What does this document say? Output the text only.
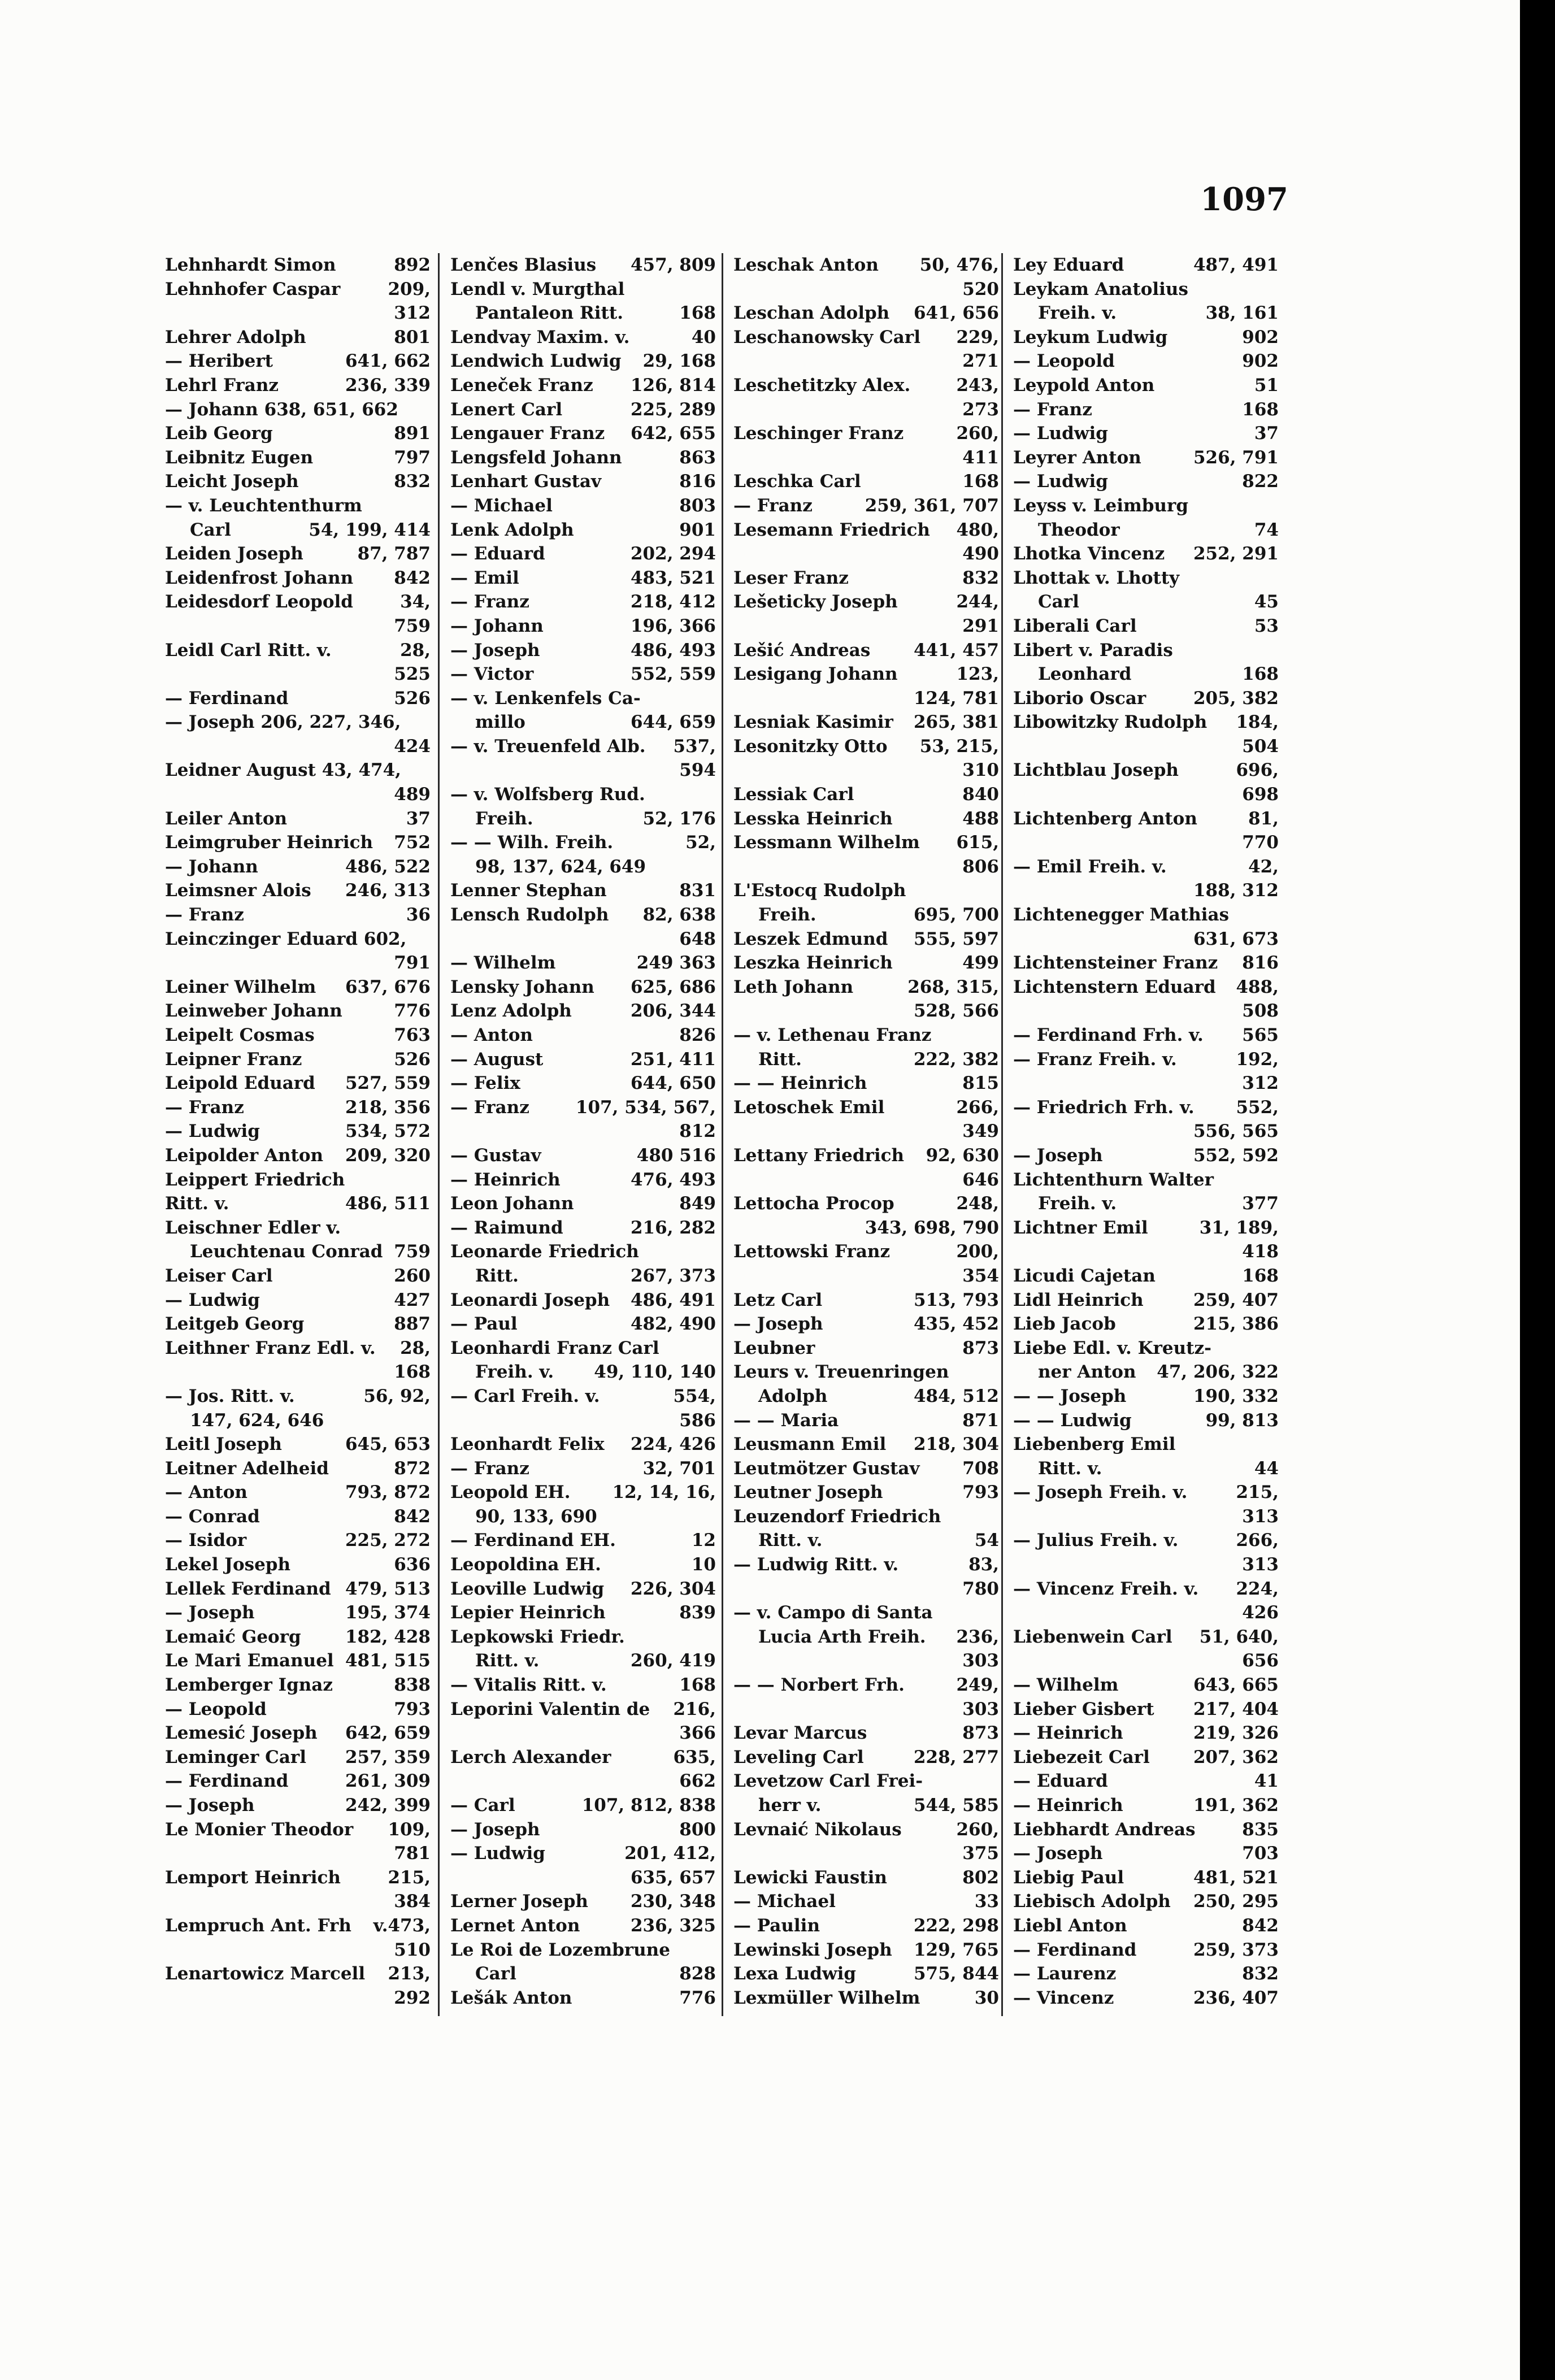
1097
Lehnhardt Simon	892
Lehnhofer Caspar	209,
312
Lehrer Adolph	801
— Heribert	641, 662
Lehrl Franz	236, 339
— Johann 638, 651, 662
Leib Georg	891
Leibnitz Eugen	797
Leicht Joseph	832
— v. Leuchtenthurm
Carl	54, 199, 414
Leiden Joseph	87, 787
Leidenfrost Johann 842
Leidesdorf Leopold	34,
759
Leidl Carl Ritt. v.	28,
525
— Ferdinand	526
— Joseph 206, 227, 346,
424
Leidner August 43, 474,
489
Leiler Anton	37
Leimgruber Heinrich 752
— Johann	486, 522
Leimsner Alois 246, 313
— Franz	36
Leinczinger Eduard 602,
791
Leiner Wilhelm 637, 676
Leinweber Johann	776
Leipelt Cosmas	763
Leipner Franz	526
Leipold Eduard 527, 559
— Franz	218, 356
— Ludwig	534, 572
Leipolder Anton 209, 320
Leippert Friedrich
Ritt. v.	486, 511
Leischner Edler v.
Leuchtenau Conrad 759
Leiser Carl	260
— Ludwig	427
Leitgeb Georg	887
Leithner Franz Edl. v. 28,
168
— Jos. Ritt. v.	56, 92,
147, 624, 646
Leitl Joseph	645, 653
Leitner Adelheid	872
— Anton	793, 872
— Conrad	842
— Isidor	225, 272
Lekel Joseph	636
Lellek Ferdinand 479, 513
— Joseph	195, 374
Lemaić Georg	182, 428
Le Mari Emanuel 481, 515
Lemberger Ignaz	838
— Leopold	793
Lemesić Joseph 642, 659
Leminger Carl 257, 359
— Ferdinand	261, 309
— Joseph	242, 399
Le Monier Theodor 109,
781
Lemport Heinrich	215,
384
Lempruch Ant. Frh v.473,
510
Lenartowicz Marcell 213,
292
Lenčes Blasius 457, 809
Lendl v. Murgthal
Pantaleon Ritt.	168
Lendvay Maxim. v.	40
Lendwich Ludwig 29, 168
Leneček Franz 126, 814
Lenert Carl	225, 289
Lengauer Franz 642, 655
Lengsfeld Johann	863
Lenhart Gustav	816
— Michael	803
Lenk Adolph	901
— Eduard	202, 294
— Emil	483, 521
— Franz	218, 412
— Johann	196, 366
— Joseph	486, 493
— Victor	552, 559
— v. Lenkenfels Ca-
millo	644, 659
— v. Treuenfeld Alb. 537,
594
— v. Wolfsberg Rud.
Freih.	52, 176
— — Wilh. Freih.	52,
98, 137, 624, 649
Lenner Stephan	831
Lensch Rudolph 82, 638
648
— Wilhelm	249 363
Lensky Johann 625, 686
Lenz Adolph	206, 344
— Anton	826
— August	251, 411
— Felix	644, 650
— Franz	107, 534, 567,
812
— Gustav	480 516
— Heinrich	476, 493
Leon Johann	849
— Raimund	216, 282
Leonarde Friedrich
Ritt.	267, 373
Leonardi Joseph 486, 491
— Paul	482, 490
Leonhardi Franz Carl
Freih. v. 49, 110, 140
— Carl Freih. v.	554,
586
Leonhardt Felix 224, 426
— Franz	32, 701
Leopold EH. 12, 14, 16,
90, 133, 690
— Ferdinand EH.	12
Leopoldina EH.	10
Leoville Ludwig 226, 304
Lepier Heinrich	839
Lepkowski Friedr.
Ritt. v.	260, 419
— Vitalis Ritt. v.	168
Leporini Valentin de 216,
366
Lerch Alexander	635,
662
— Carl	107, 812, 838
— Joseph	800
— Ludwig	201, 412,
635, 657
Lerner Joseph 230, 348
Lernet Anton	236, 325
Le Roi de Lozembrune
Carl	828
Lešák Anton	776
Leschak Anton 50, 476,
520
Leschan Adolph 641, 656
Leschanowsky Carl 229,
271
Leschetitzky Alex.	243,
273
Leschinger Franz	260,
411
Leschka Carl	168
— Franz	259, 361, 707
Lesemann Friedrich 480,
490
Leser Franz	832
Lešeticky Joseph	244,
291
Lešić Andreas 441, 457
Lesigang Johann	123,
124, 781
Lesniak Kasimir 265, 381
Lesonitzky Otto 53, 215,
310
Lessiak Carl	840
Lesska Heinrich	488
Lessmann Wilhelm 615,
806
L'Estocq Rudolph
Freih.	695, 700
Leszek Edmund 555, 597
Leszka Heinrich	499
Leth Johann	268, 315,
528, 566
— v. Lethenau Franz
Ritt.	222, 382
— — Heinrich	815
Letoschek Emil	266,
349
Lettany Friedrich 92, 630
646
Lettocha Procop	248,
343, 698, 790
Lettowski Franz	200,
354
Letz Carl	513, 793
— Joseph	435, 452
Leubner	873
Leurs v. Treuenringen
Adolph	484, 512
— — Maria	871
Leusmann Emil 218, 304
Leutmötzer Gustav 708
Leutner Joseph	793
Leuzendorf Friedrich
Ritt. v.	54
— Ludwig Ritt. v.	83,
780
— v. Campo di Santa
Lucia Arth Freih. 236,
303
— — Norbert Frh.	249,
303
Levar Marcus	873
Leveling Carl	228, 277
Levetzow Carl Frei-
herr v.	544, 585
Levnaić Nikolaus	260,
375
Lewicki Faustin	802
— Michael	33
— Paulin	222, 298
Lewinski Joseph 129, 765
Lexa Ludwig	575, 844
Lexmüller Wilhelm	30
Ley Eduard	487, 491
Leykam Anatolius
Freih. v.	38, 161
Leykum Ludwig	902
— Leopold	902
Leypold Anton	51
— Franz	168
— Ludwig	37
Leyrer Anton	526, 791
— Ludwig	822
Leyss v. Leimburg
Theodor	74
Lhotka Vincenz 252, 291
Lhottak v. Lhotty
Carl	45
Liberali Carl	53
Libert v. Paradis
Leonhard	168
Liborio Oscar	205, 382
Libowitzky Rudolph 184,
504
Lichtblau Joseph	696,
698
Lichtenberg Anton	81,
770
— Emil Freih. v.	42,
188, 312
Lichtenegger Mathias
631, 673
Lichtensteiner Franz 816
Lichtenstern Eduard 488,
508
— Ferdinand Frh. v. 565
— Franz Freih. v.	192,
312
— Friedrich Frh. v. 552,
556, 565
— Joseph	552, 592
Lichtenthurn Walter
Freih. v.	377
Lichtner Emil	31, 189,
418
Licudi Cajetan	168
Lidl Heinrich	259, 407
Lieb Jacob	215, 386
Liebe Edl. v. Kreutz-
ner Anton 47, 206, 322
— — Joseph	190, 332
— — Ludwig	99, 813
Liebenberg Emil
Ritt. v.	44
— Joseph Freih. v.	215,
313
— Julius Freih. v.	266,
313
— Vincenz Freih. v. 224,
426
Liebenwein Carl 51, 640,
656
— Wilhelm	643, 665
Lieber Gisbert 217, 404
— Heinrich	219, 326
Liebezeit Carl 207, 362
— Eduard	41
— Heinrich	191, 362
Liebhardt Andreas	835
— Joseph	703
Liebig Paul	481, 521
Liebisch Adolph 250, 295
Liebl Anton	842
— Ferdinand	259, 373
— Laurenz	832
— Vincenz	236, 407
